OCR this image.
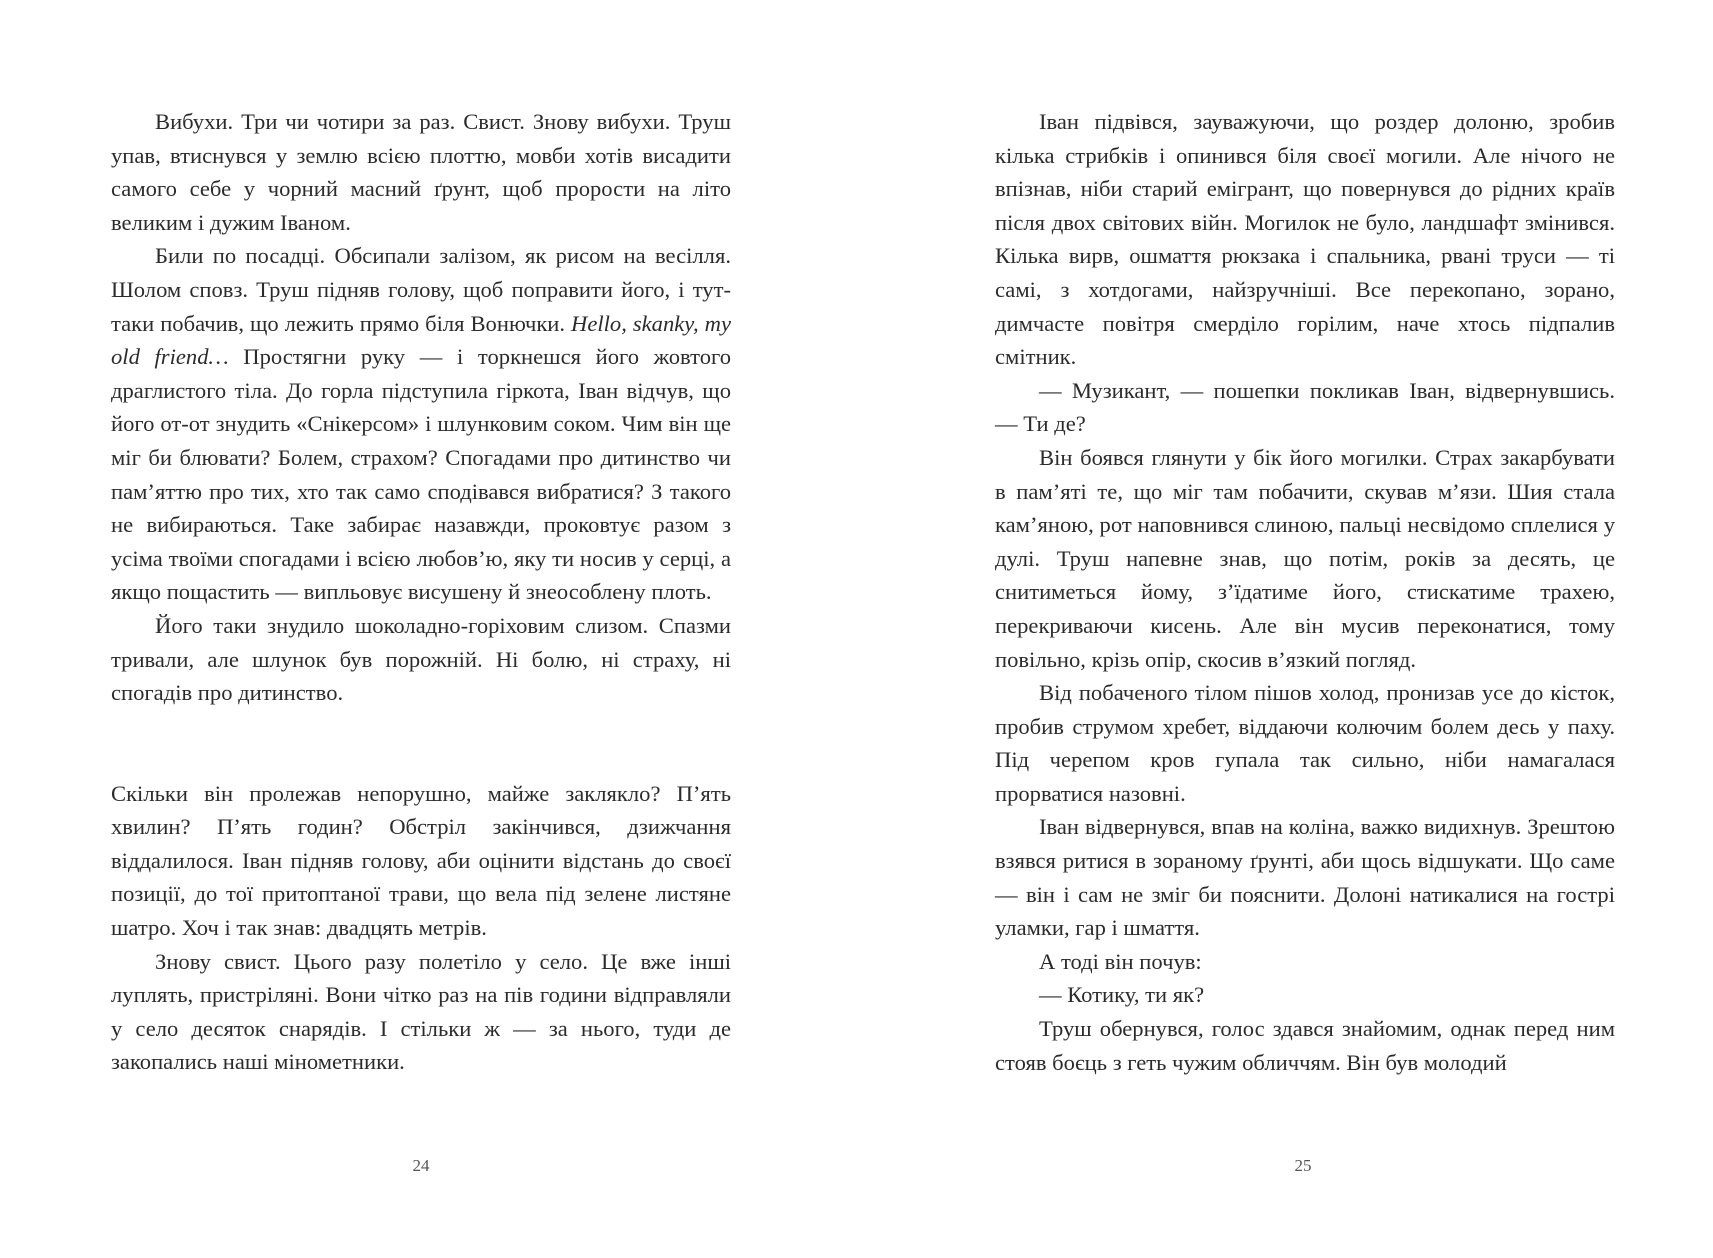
Вибухи. Три чи чотири за раз. Свист. Знову вибухи. Труш упав, втиснувся у землю всією плоттю, мовби хотів висадити самого себе у чорний масний ґрунт, щоб прорости на літо великим і дужим Іваном.

Били по посадці. Обсипали залізом, як рисом на весілля. Шолом сповз. Труш підняв голову, щоб поправити його, і тут-таки побачив, що лежить прямо біля Вонючки. Hello, skanky, my old friend… Простягни руку — і торкнешся його жовтого драглистого тіла. До горла підступила гіркота, Іван відчув, що його от-от знудить «Снікерсом» і шлунковим соком. Чим він ще міг би блювати? Болем, страхом? Спогадами про дитинство чи пам’яттю про тих, хто так само сподівався вибратися? З такого не вибираються. Таке забирає назавжди, проковтує разом з усіма твоїми спогадами і всією любов’ю, яку ти носив у серці, а якщо пощастить — випльовує висушену й знеособлену плоть.

Його таки знудило шоколадно-горіховим слизом. Спазми тривали, але шлунок був порожній. Ні болю, ні страху, ні спогадів про дитинство.

Скільки він пролежав непорушно, майже заклякло? П’ять хвилин? П’ять годин? Обстріл закінчився, дзижчання віддалилося. Іван підняв голову, аби оцінити відстань до своєї позиції, до тої притоптаної трави, що вела під зелене листяне шатро. Хоч і так знав: двадцять метрів.

Знову свист. Цього разу полетіло у село. Це вже інші луплять, пристріляні. Вони чітко раз на пів години відправляли у село десяток снарядів. І стільки ж — за нього, туди де закопались наші мінометники.

Іван підвівся, зауважуючи, що роздер долоню, зробив кілька стрибків і опинився біля своєї могили. Але нічого не впізнав, ніби старий емігрант, що повернувся до рідних країв після двох світових війн. Могилок не було, ландшафт змінився. Кілька вирв, ошмаття рюкзака і спальника, рвані труси — ті самі, з хотдогами, найзручніші. Все перекопано, зорано, димчасте повітря смерділо горілим, наче хтось підпалив смітник.

— Музикант, — пошепки покликав Іван, відвернувшись. — Ти де?

Він боявся глянути у бік його могилки. Страх закарбувати в пам’яті те, що міг там побачити, скував м’язи. Шия стала кам’яною, рот наповнився слиною, пальці несвідомо сплелися у дулі. Труш напевне знав, що потім, років за десять, це снитиметься йому, з’їдатиме його, стискатиме трахею, перекриваючи кисень. Але він мусив переконатися, тому повільно, крізь опір, скосив в’язкий погляд.

Від побаченого тілом пішов холод, пронизав усе до кісток, пробив струмом хребет, віддаючи колючим болем десь у паху. Під черепом кров гупала так сильно, ніби намагалася прорватися назовні.

Іван відвернувся, впав на коліна, важко видихнув. Зрештою взявся ритися в зораному ґрунті, аби щось відшукати. Що саме — він і сам не зміг би пояснити. Долоні натикалися на гострі уламки, гар і шмаття.

А тоді він почув:

— Котику, ти як?

Труш обернувся, голос здався знайомим, однак перед ним стояв боєць з геть чужим обличчям. Він був молодий

24	25
